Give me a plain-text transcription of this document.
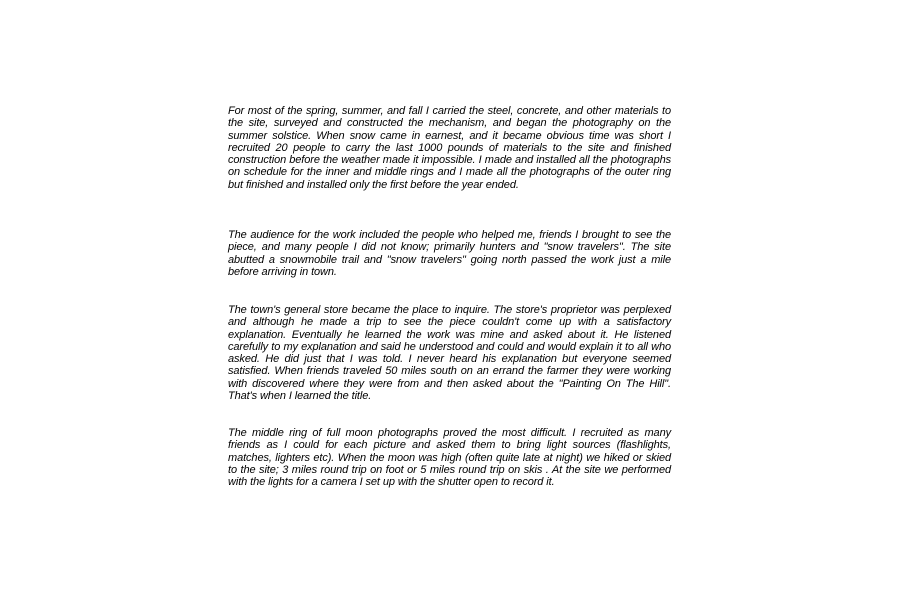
For most of the spring, summer, and fall I carried the steel, concrete, and other materials to the site, surveyed and constructed the mechanism, and began the photography on the summer solstice. When snow came in earnest, and it became obvious time was short I recruited 20 people to carry the last 1000 pounds of materials to the site and finished construction before the weather made it impossible. I made and installed all the photographs on schedule for the inner and middle rings and I made all the photographs of the outer ring but finished and installed only the first before the year ended.

The audience for the work included the people who helped me, friends I brought to see the piece, and many people I did not know; primarily hunters and "snow travelers". The site abutted a snowmobile trail and "snow travelers" going north passed the work just a mile before arriving in town.

The town's general store became the place to inquire. The store's proprietor was perplexed and although he made a trip to see the piece couldn't come up with a satisfactory explanation. Eventually he learned the work was mine and asked about it. He listened carefully to my explanation and said he understood and could and would explain it to all who asked. He did just that I was told. I never heard his explanation but everyone seemed satisfied. When friends traveled 50 miles south on an errand the farmer they were working with discovered where they were from and then asked about the "Painting On The Hill". That's when I learned the title.

The middle ring of full moon photographs proved the most difficult. I recruited as many friends as I could for each picture and asked them to bring light sources (flashlights, matches, lighters etc). When the moon was high (often quite late at night) we hiked or skied to the site; 3 miles round trip on foot or 5 miles round trip on skis . At the site we performed with the lights for a camera I set up with the shutter open to record it.
